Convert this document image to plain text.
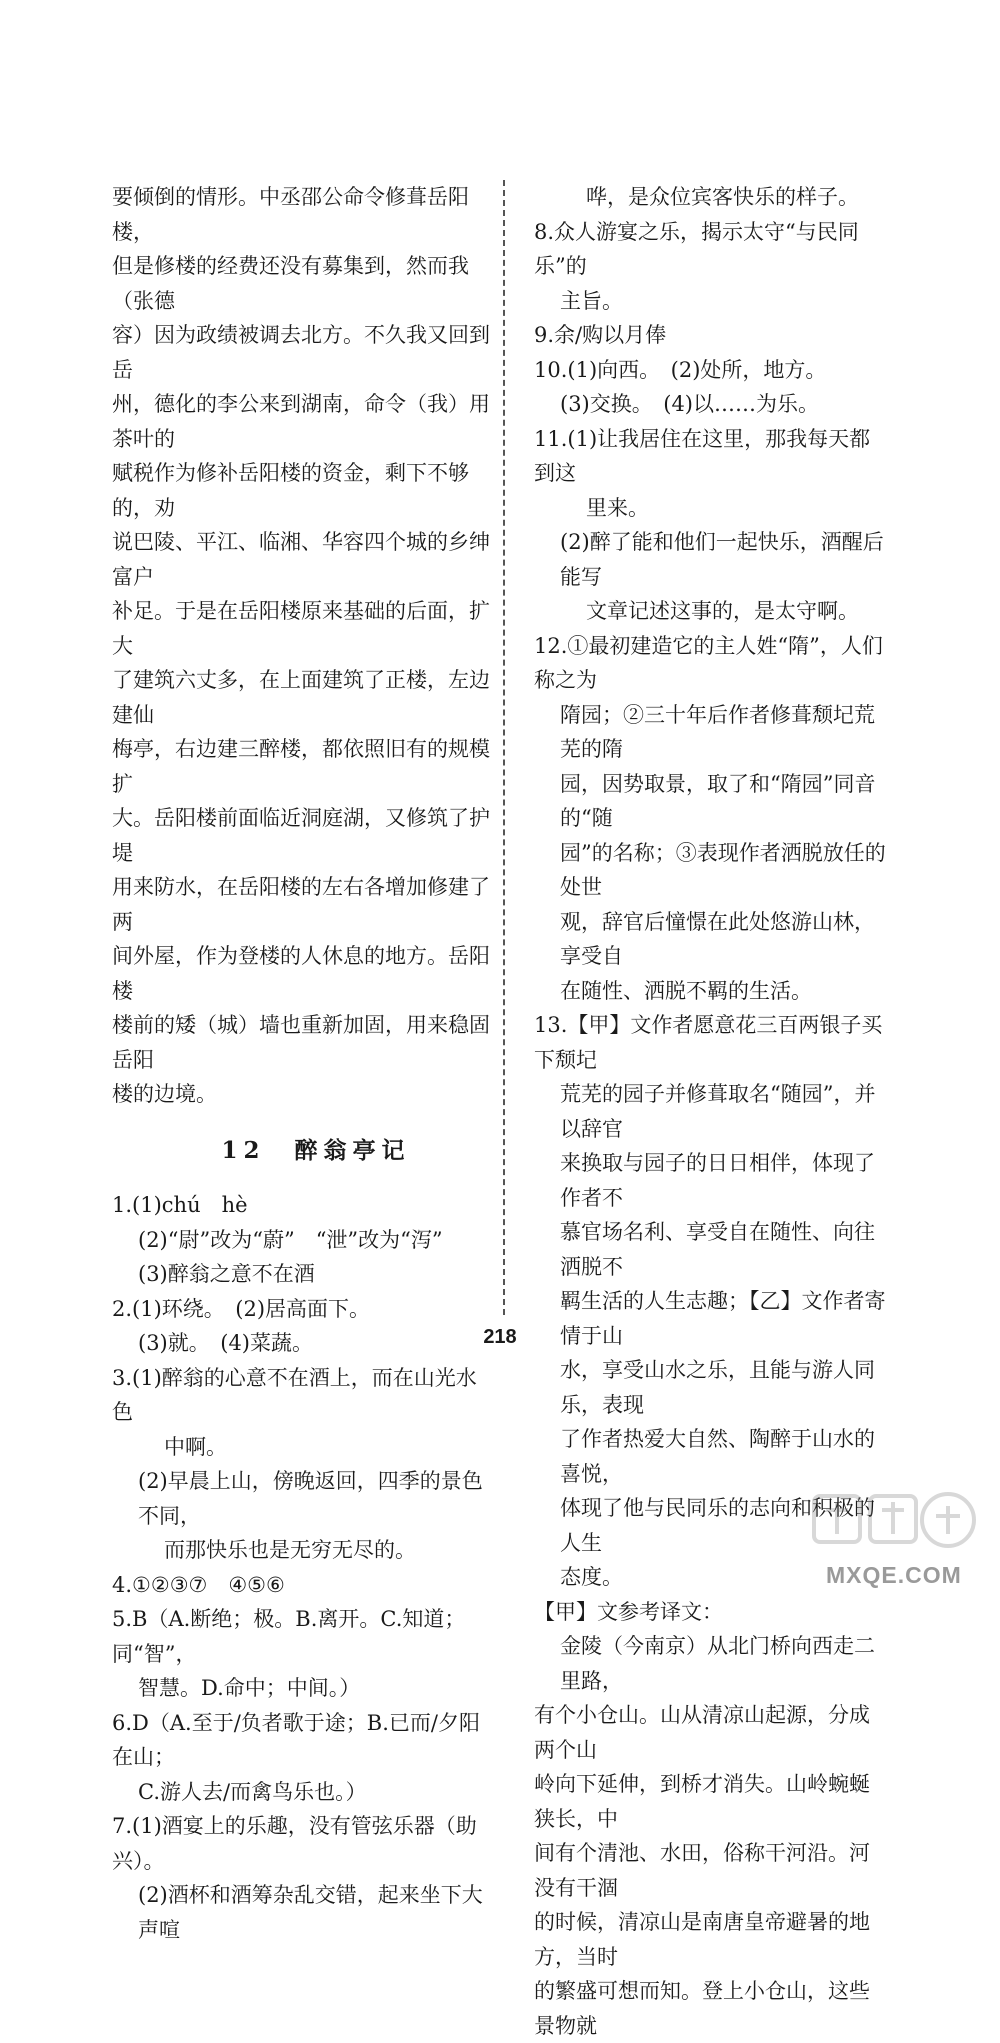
要倾倒的情形。中丞邵公命令修葺岳阳楼，

但是修楼的经费还没有募集到，然而我（张德

容）因为政绩被调去北方。不久我又回到岳

州，德化的李公来到湖南，命令（我）用茶叶的

赋税作为修补岳阳楼的资金，剩下不够的，劝

说巴陵、平江、临湘、华容四个城的乡绅富户

补足。于是在岳阳楼原来基础的后面，扩大

了建筑六丈多，在上面建筑了正楼，左边建仙

梅亭，右边建三醉楼，都依照旧有的规模扩

大。岳阳楼前面临近洞庭湖，又修筑了护堤

用来防水，在岳阳楼的左右各增加修建了两

间外屋，作为登楼的人休息的地方。岳阳楼

楼前的矮（城）墙也重新加固，用来稳固岳阳

楼的边境。

12　醉翁亭记

1.(1)chú　hè

(2)“尉”改为“蔚”　“泄”改为“泻”

(3)醉翁之意不在酒

2.(1)环绕。　(2)居高面下。

(3)就。　(4)菜蔬。

3.(1)醉翁的心意不在酒上，而在山光水色

中啊。

(2)早晨上山，傍晚返回，四季的景色不同，

而那快乐也是无穷无尽的。

4.①②③⑦　④⑤⑥

5.B（A.断绝；极。B.离开。C.知道；同“智”，

智慧。D.命中；中间。）

6.D（A.至于/负者歌于途；B.已而/夕阳在山；

C.游人去/而禽鸟乐也。）

7.(1)酒宴上的乐趣，没有管弦乐器（助兴）。

(2)酒杯和酒筹杂乱交错，起来坐下大声喧

哗，是众位宾客快乐的样子。

8.众人游宴之乐，揭示太守“与民同乐”的

主旨。

9.余/购以月俸

10.(1)向西。　(2)处所，地方。

(3)交换。　(4)以……为乐。

11.(1)让我居住在这里，那我每天都到这

里来。

(2)醉了能和他们一起快乐，酒醒后能写

文章记述这事的，是太守啊。

12.①最初建造它的主人姓“隋”，人们称之为

隋园；②三十年后作者修葺颓圮荒芜的隋

园，因势取景，取了和“隋园”同音的“随

园”的名称；③表现作者洒脱放任的处世

观，辞官后憧憬在此处悠游山林，享受自

在随性、洒脱不羁的生活。

13.【甲】文作者愿意花三百两银子买下颓圮

荒芜的园子并修葺取名“随园”，并以辞官

来换取与园子的日日相伴，体现了作者不

慕官场名利、享受自在随性、向往洒脱不

羁生活的人生志趣；【乙】文作者寄情于山

水，享受山水之乐，且能与游人同乐，表现

了作者热爱大自然、陶醉于山水的喜悦，

体现了他与民同乐的志向和积极的人生

态度。

【甲】文参考译文：

金陵（今南京）从北门桥向西走二里路，

有个小仓山。山从清凉山起源，分成两个山

岭向下延伸，到桥才消失。山岭蜿蜒狭长，中

间有个清池、水田，俗称干河沿。河没有干涸

的时候，清凉山是南唐皇帝避暑的地方，当时

的繁盛可想而知。登上小仓山，这些景物就

218
MXQE.COM
